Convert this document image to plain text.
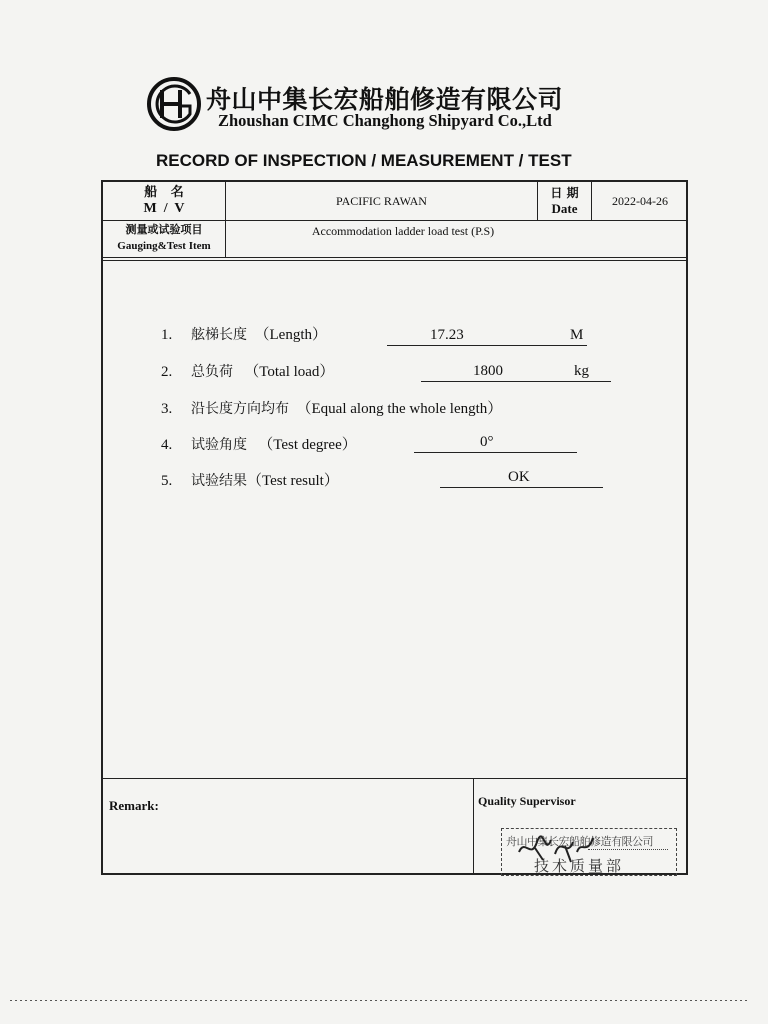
舟山中集长宏船舶修造有限公司
Zhoushan CIMC Changhong Shipyard Co.,Ltd
RECORD OF INSPECTION / MEASUREMENT / TEST
船   名
M  /  V	PACIFIC RAWAN
日 期
Date	2022-04-26
测量或试验项目
Gauging&Test Item
Accommodation ladder load test (P.S)
1. 舷梯长度 （Length）	17.23	M
2. 总负荷 （Total load）	1800	kg
3. 沿长度方向均布 （Equal along the whole length）
4. 试验角度 （Test degree）	0°
5. 试验结果（Test result）	OK
Remark:	Quality Supervisor
舟山中集长宏船舶修造有限公司
技术质量部
